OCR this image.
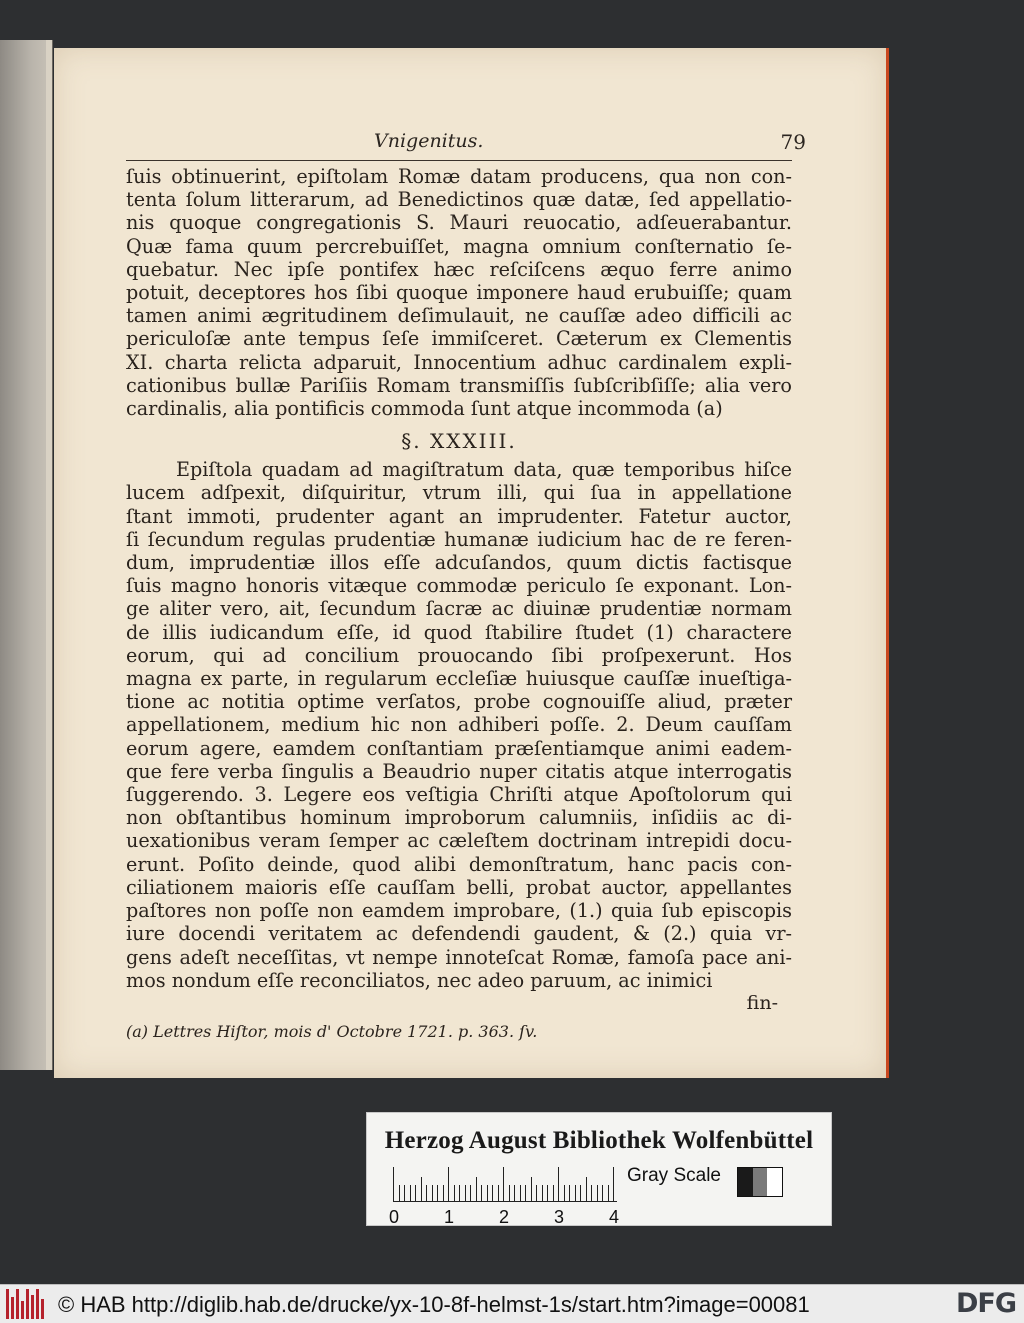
Vnigenitus.	79
ſuis obtinuerint, epiſtolam Romæ datam producens, qua non con-
tenta ſolum litterarum, ad Benedictinos quæ datæ, ſed appellatio-
nis quoque congregationis S. Mauri reuocatio, adſeuerabantur.
Quæ fama quum percrebuiſſet, magna omnium conſternatio ſe-
quebatur. Nec ipſe pontifex hæc reſciſcens æquo ferre animo
potuit, deceptores hos ſibi quoque imponere haud erubuiſſe; quam
tamen animi ægritudinem deſimulauit, ne cauſſæ adeo difficili ac
periculoſæ ante tempus ſeſe immiſceret. Cæterum ex Clementis
XI. charta relicta adparuit, Innocentium adhuc cardinalem expli-
cationibus bullæ Pariſiis Romam transmiſſis ſubſcribſiſſe; alia vero
cardinalis, alia pontificis commoda ſunt atque incommoda (a)
§. XXXIII.
Epiſtola quadam ad magiſtratum data, quæ temporibus hiſce
lucem adſpexit, diſquiritur, vtrum illi, qui ſua in appellatione
ſtant immoti, prudenter agant an imprudenter. Fatetur auctor,
ſi ſecundum regulas prudentiæ humanæ iudicium hac de re feren-
dum, imprudentiæ illos eſſe adcuſandos, quum dictis factisque
ſuis magno honoris vitæque commodæ periculo ſe exponant. Lon-
ge aliter vero, ait, ſecundum ſacræ ac diuinæ prudentiæ normam
de illis iudicandum eſſe, id quod ſtabilire ſtudet (1) charactere
eorum, qui ad concilium prouocando ſibi proſpexerunt. Hos
magna ex parte, in regularum eccleſiæ huiusque cauſſæ inueſtiga-
tione ac notitia optime verſatos, probe cognouiſſe aliud, præter
appellationem, medium hic non adhiberi poſſe. 2. Deum cauſſam
eorum agere, eamdem conſtantiam præſentiamque animi eadem-
que fere verba ſingulis a Beaudrio nuper citatis atque interrogatis
ſuggerendo. 3. Legere eos veſtigia Chriſti atque Apoſtolorum qui
non obſtantibus hominum improborum calumniis, inſidiis ac di-
uexationibus veram ſemper ac cæleſtem doctrinam intrepidi docu-
erunt. Poſito deinde, quod alibi demonſtratum, hanc pacis con-
ciliationem maioris eſſe cauſſam belli, probat auctor, appellantes
paſtores non poſſe non eamdem improbare, (1.) quia ſub episcopis
iure docendi veritatem ac defendendi gaudent, & (2.) quia vr-
gens adeſt neceſſitas, vt nempe innoteſcat Romæ, famoſa pace ani-
mos nondum eſſe reconciliatos, nec adeo paruum, ac inimici
fin-
(a) Lettres Hiſtor, mois d' Octobre 1721. p. 363. ſv.
Herzog August Bibliothek Wolfenbüttel
0 1 2 3 4
Gray Scale
© HAB http://diglib.hab.de/drucke/yx-10-8f-helmst-1s/start.htm?image=00081	DFG
